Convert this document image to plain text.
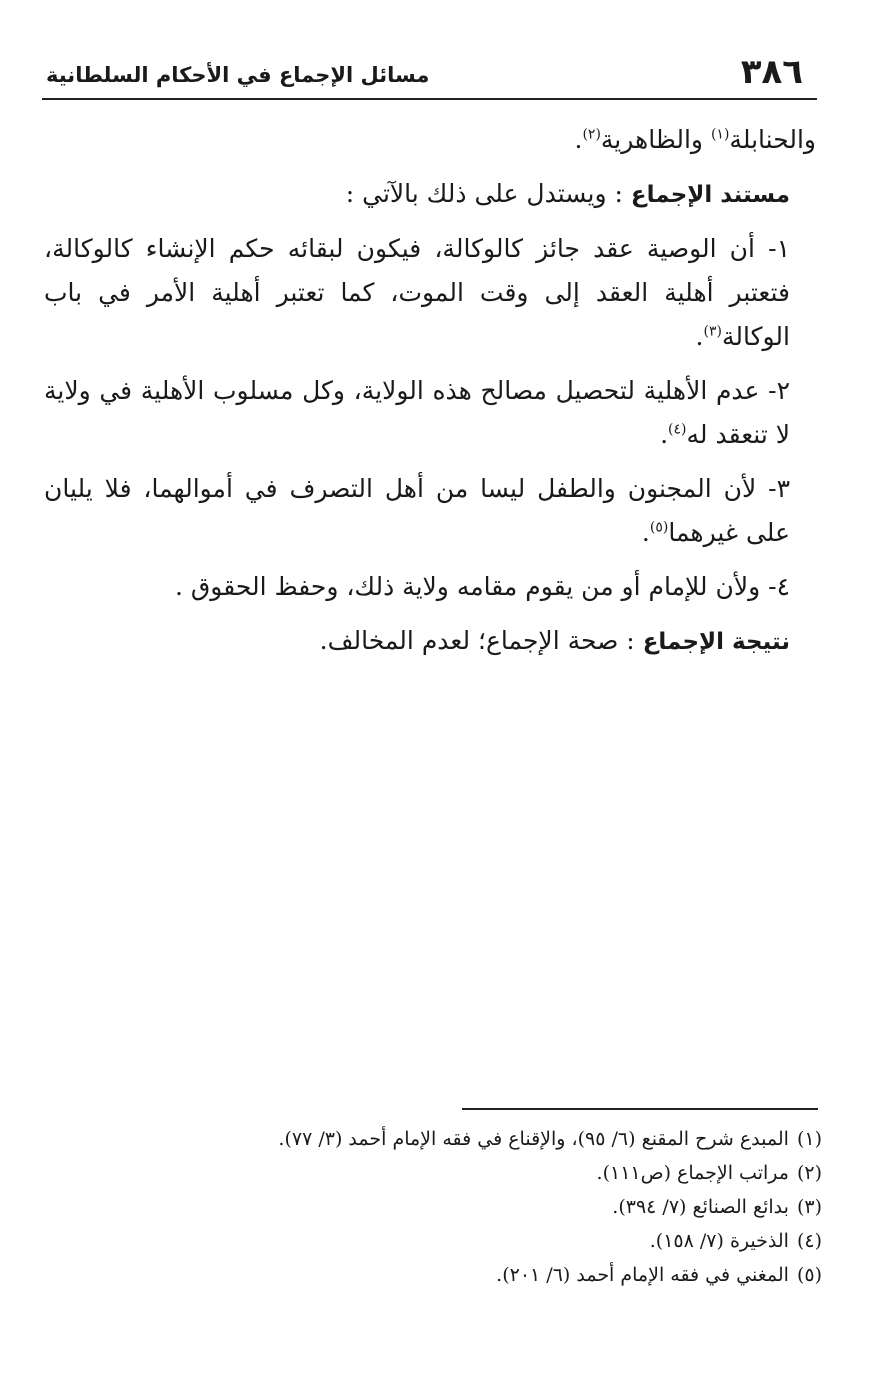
٣٨٦
مسائل الإجماع في الأحكام السلطانية

والحنابلة$^{(١)}$ والظاهرية$^{(٢)}$.

مستند الإجماع : ويستدل على ذلك بالآتي :

١- أن الوصية عقد جائز كالوكالة، فيكون لبقائه حكم الإنشاء كالوكالة، فتعتبر أهلية العقد إلى وقت الموت، كما تعتبر أهلية الأمر في باب الوكالة$^{(٣)}$.

٢- عدم الأهلية لتحصيل مصالح هذه الولاية، وكل مسلوب الأهلية في ولاية لا تنعقد له$^{(٤)}$.

٣- لأن المجنون والطفل ليسا من أهل التصرف في أموالهما، فلا يليان على غيرهما$^{(٥)}$.

٤- ولأن للإمام أو من يقوم مقامه ولاية ذلك، وحفظ الحقوق .

نتيجة الإجماع : صحة الإجماع؛ لعدم المخالف.

(١)المبدع شرح المقنع (٦/ ٩٥)، والإقناع في فقه الإمام أحمد (٣/ ٧٧).

(٢)مراتب الإجماع (ص١١١).

(٣)بدائع الصنائع (٧/ ٣٩٤).

(٤)الذخيرة (٧/ ١٥٨).

(٥)المغني في فقه الإمام أحمد (٦/ ٢٠١).
